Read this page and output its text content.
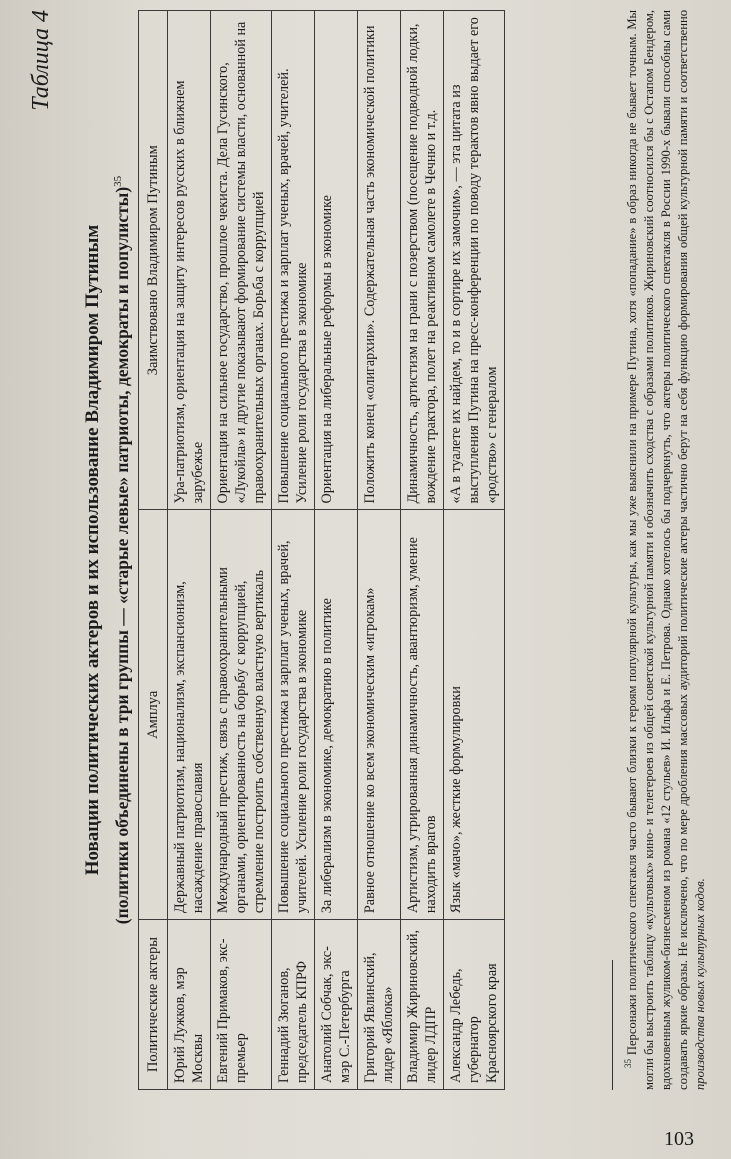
Таблица 4
Новации политических актеров и их использование Владимиром Путиным (политики объединены в три группы — «старые левые» патриоты, демократы и популисты)$^{35}$
Политические актеры	Амплуа	Заимствовано Владимиром Путиным
Юрий Лужков, мэр Москвы	Державный патриотизм, национализм, экспансионизм, насаждение православия	Ура-патриотизм, ориентация на защиту интересов русских в ближнем зарубежье
Евгений Примаков, экс-премьер	Международный престиж, связь с правоохранительными органами, ориентированность на борьбу с коррупцией, стремление построить собственную властную вертикаль	Ориентация на сильное государство, прошлое чекиста. Дела Гусинского, «Лукойла» и другие показывают формирование системы власти, основанной на правоохранительных органах. Борьба с коррупцией
Геннадий Зюганов, председатель КПРФ	Повышение социального престижа и зарплат ученых, врачей, учителей. Усиление роли государства в экономике	Повышение социального престижа и зарплат ученых, врачей, учителей. Усиление роли государства в экономике
Анатолий Собчак, экс-мэр С.-Петербурга	За либерализм в экономике, демократию в политике	Ориентация на либеральные реформы в экономике
Григорий Явлинский, лидер «Яблока»	Равное отношение ко всем экономическим «игрокам»	Положить конец «олигархии». Содержательная часть экономической политики
Владимир Жириновский, лидер ЛДПР	Артистизм, утрированная динамичность, авантюризм, умение находить врагов	Динамичность, артистизм на грани с позерством (посещение подводной лодки, вождение трактора, полет на реактивном самолете в Чечню и т.д.
Александр Лебедь, губернатор Красноярского края	Язык «мачо», жесткие формулировки	«А в туалете их найдем, то и в сортире их замочим», — эта цитата из выступления Путина на пресс-конференции по поводу терактов явно выдает его «родство» с генералом
$^{35}$ Персонажи политического спектакля часто бывают близки к героям популярной культуры, как мы уже выяснили на примере Путина, хотя «попадание» в образ никогда не бывает точным. Мы могли бы выстроить таблицу «культовых» кино- и телегероев из общей советской культурной памяти и обозначить сходства с образами политиков. Жириновский соотносился бы с Остапом Бендером, вдохновенным жуликом-бизнесменом из романа «12 стульев» И. Ильфа и Е. Петрова. Однако хотелось бы подчеркнуть, что актеры политического спектакля в России 1990-х бывали способны сами создавать яркие образы. Не исключено, что по мере дробления массовых аудиторий политические актеры частично берут на себя функцию формирования общей культурной памяти и соответственно производства новых культурных кодов.
103
